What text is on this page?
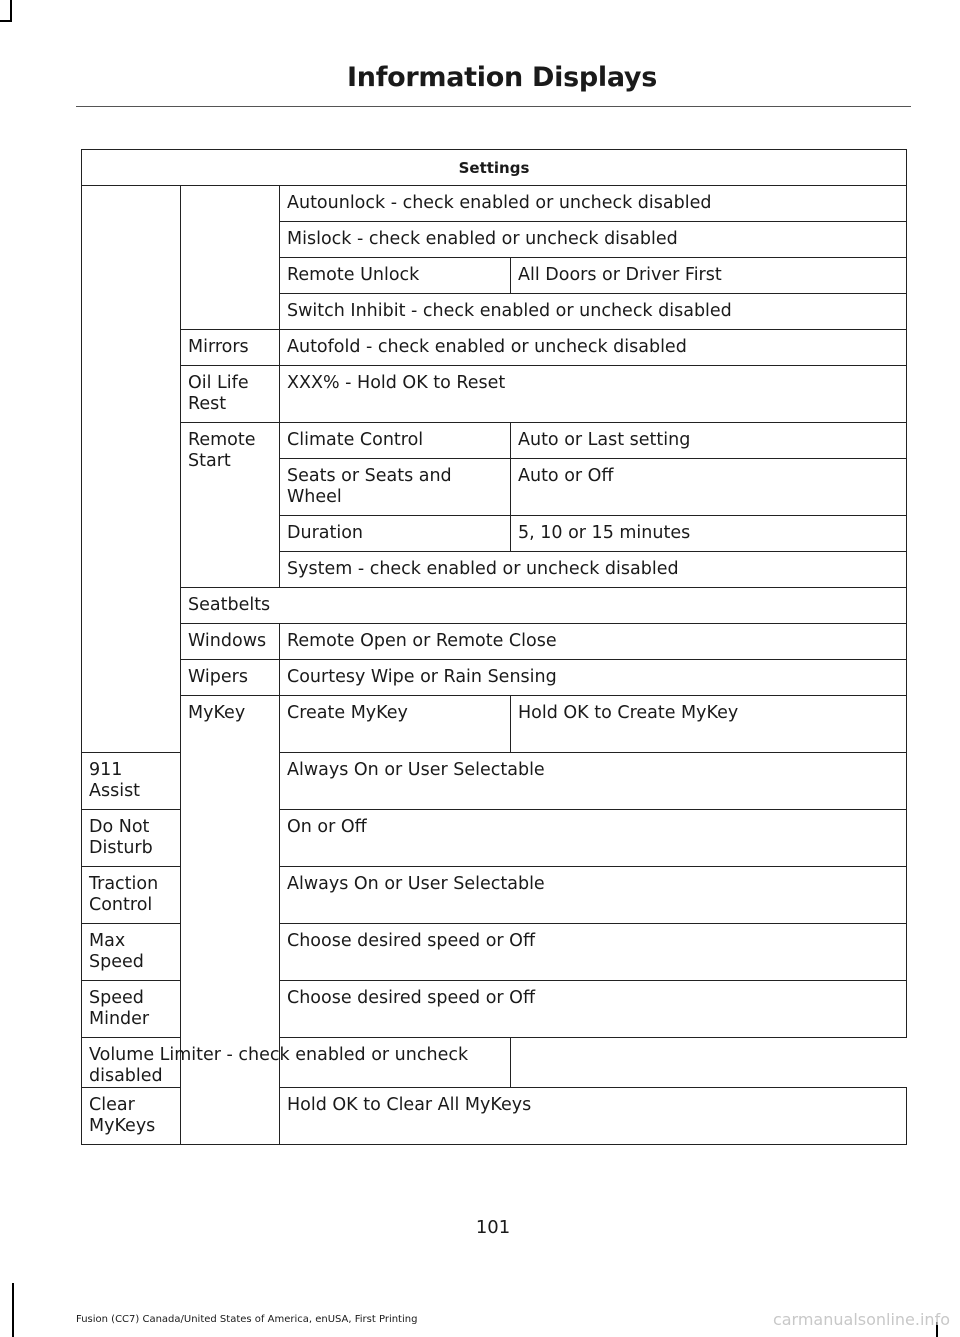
Information Displays
Settings			

		Autounlock - check enabled or uncheck disabled	

		Mislock - check enabled or uncheck disabled	

		Remote Unlock	All Doors or Driver First

		Switch Inhibit - check enabled or uncheck disabled	

	Mirrors	Autofold - check enabled or uncheck disabled	

	Oil Life Rest	XXX% - Hold OK to Reset	

	Remote Start	Climate Control	Auto or Last setting

		Seats or Seats and Wheel	Auto or Off

		Duration	5, 10 or 15 minutes

		System - check enabled or uncheck disabled	

	Seatbelts		

	Windows	Remote Open or Remote Close	

	Wipers	Courtesy Wipe or Rain Sensing	

	MyKey	Create MyKey	Hold OK to Create MyKey

911 Assist		Always On or User Selectable	

Do Not Disturb		On or Off	

Traction Control		Always On or User Selectable	

Max Speed		Choose desired speed or Off	

Speed Minder		Choose desired speed or Off	

Volume Limiter - check enabled or uncheck disabled			

Clear MyKeys		Hold OK to Clear All MyKeys	
101
Fusion (CC7) Canada/United States of America, enUSA, First Printing	carmanualsonline.info
